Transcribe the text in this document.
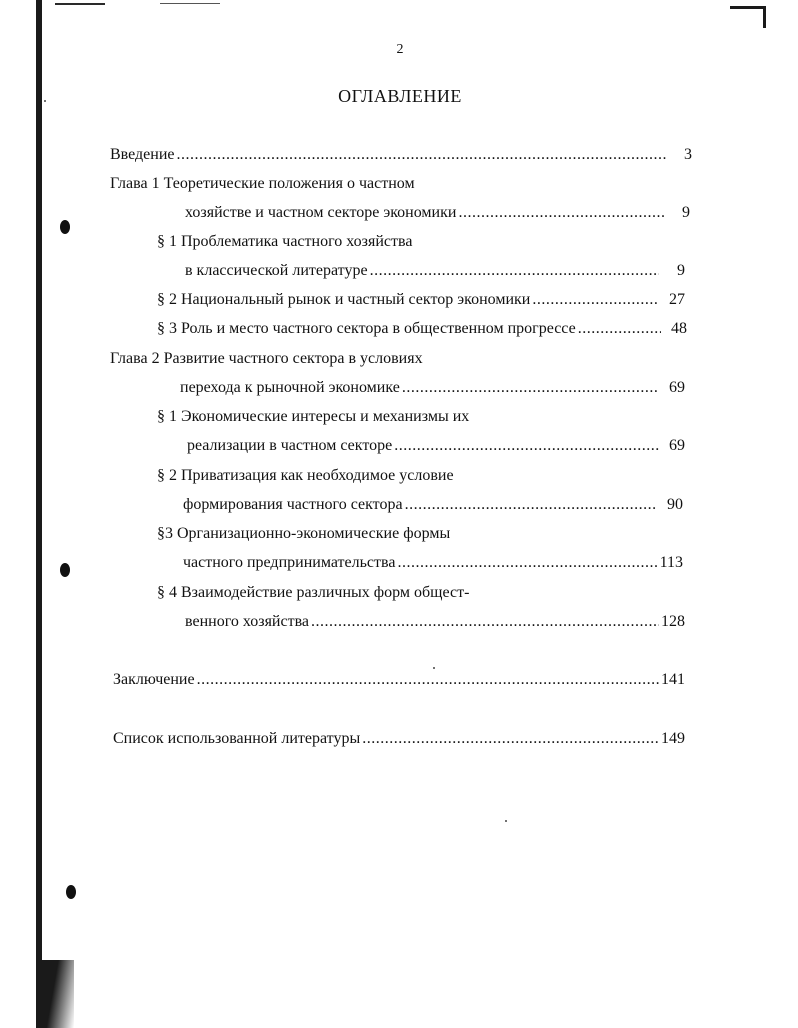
2
ОГЛАВЛЕНИЕ
Введение .....	3
Глава 1 Теоретические положения о частном
хозяйстве и частном секторе экономики .....	9
§ 1 Проблематика частного хозяйства
в классической литературе .....	9
§ 2 Национальный рынок и частный сектор экономики .....	27
§ 3 Роль и место частного сектора в общественном прогрессе .....	48
Глава 2 Развитие частного сектора в условиях
перехода к рыночной экономике .....	69
§ 1 Экономические интересы и механизмы их
реализации в частном секторе .....	69
§ 2 Приватизация как необходимое условие
формирования частного сектора .....	90
§3 Организационно-экономические формы
частного предпринимательства .....	113
§ 4 Взаимодействие различных форм общест-
венного хозяйства .....	128
Заключение .....	141
Список использованной литературы .....	149
